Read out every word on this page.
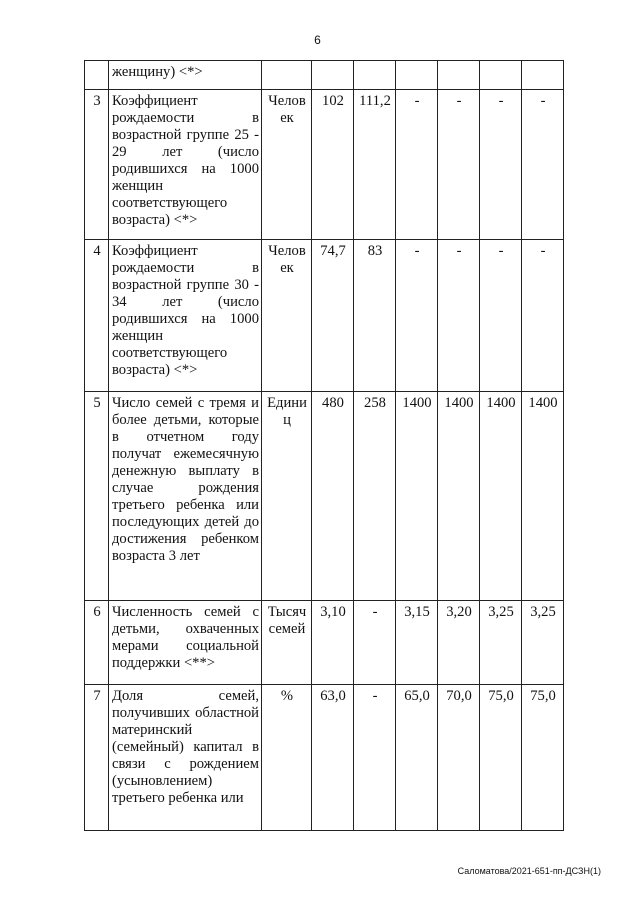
6
	женщину) <*>							
3	Коэффициент рождаемости в возрастной группе 25 - 29 лет (число родившихся на 1000 женщин соответствующего возраста) <*>	Челов ек	102	111,2	-	-	-	-
4	Коэффициент рождаемости в возрастной группе 30 - 34 лет (число родившихся на 1000 женщин соответствующего возраста) <*>	Челов ек	74,7	83	-	-	-	-
5	Число семей с тремя и более детьми, которые в отчетном году получат ежемесячную денежную выплату в случае рождения третьего ребенка или последующих детей до достижения ребенком возраста 3 лет	Едини ц	480	258	1400	1400	1400	1400
6	Численность семей с детьми, охваченных мерами социальной поддержки <**>	Тысяч семей	3,10	-	3,15	3,20	3,25	3,25
7	Доля семей, получивших областной материнский (семейный) капитал в связи с рождением (усыновлением) третьего ребенка или	%	63,0	-	65,0	70,0	75,0	75,0
Саломатова/2021-651-пп-ДСЗН(1)
